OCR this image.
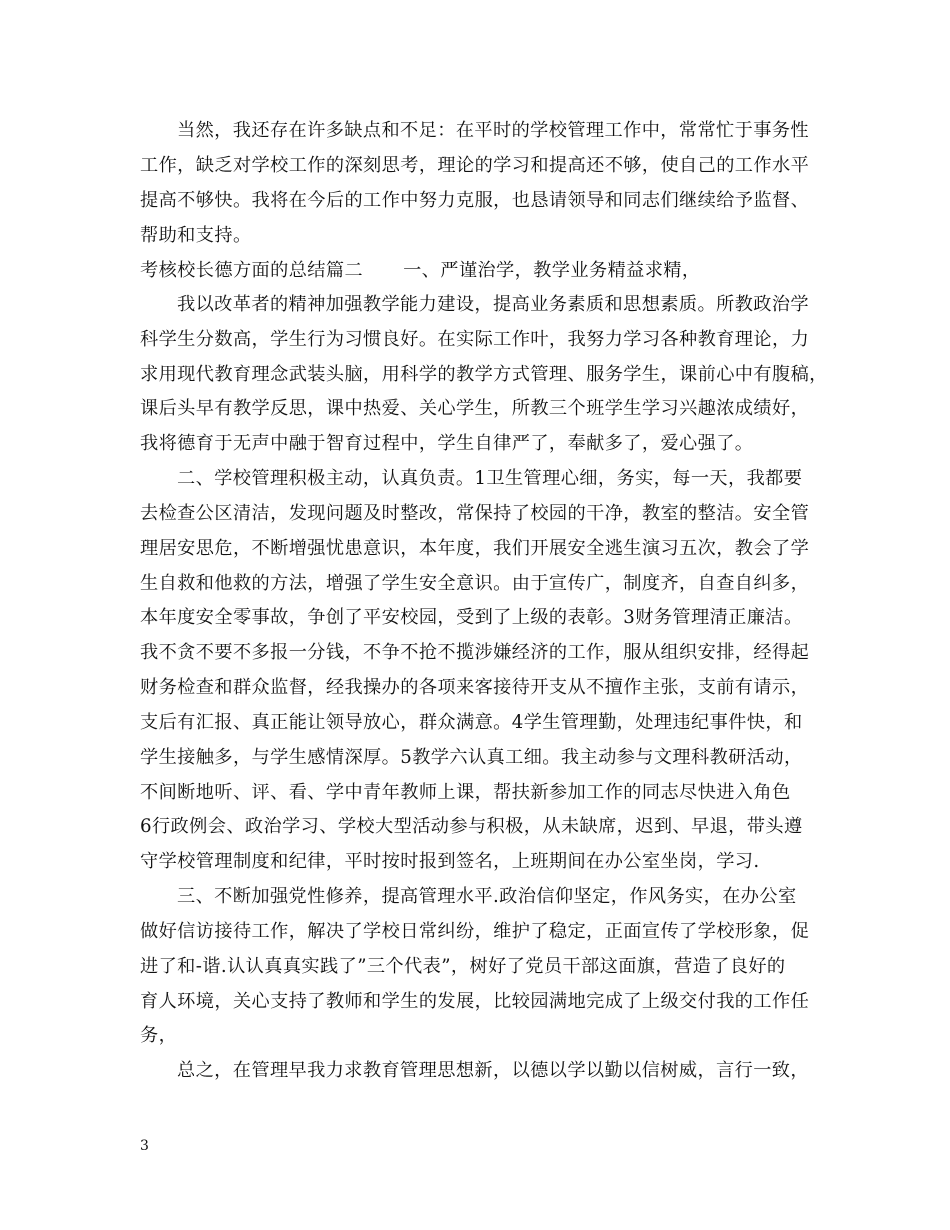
当然，我还存在许多缺点和不足：在平时的学校管理工作中，常常忙于事务性
工作，缺乏对学校工作的深刻思考，理论的学习和提高还不够，使自己的工作水平
提高不够快。我将在今后的工作中努力克服，也恳请领导和同志们继续给予监督、
帮助和支持。
考核校长德方面的总结篇二 一、严谨治学，教学业务精益求精，
我以改革者的精神加强教学能力建设，提高业务素质和思想素质。所教政治学
科学生分数高，学生行为习惯良好。在实际工作叶，我努力学习各种教育理论，力
求用现代教育理念武装头脑，用科学的教学方式管理、服务学生，课前心中有腹稿，
课后头早有教学反思，课中热爱、关心学生，所教三个班学生学习兴趣浓成绩好，
我将德育于无声中融于智育过程中，学生自律严了，奉献多了，爱心强了。
二、学校管理积极主动，认真负责。1卫生管理心细，务实，每一天，我都要
去检查公区清洁，发现问题及时整改，常保持了校园的干净，教室的整洁。安全管
理居安思危，不断增强忧患意识，本年度，我们开展安全逃生演习五次，教会了学
生自救和他救的方法，增强了学生安全意识。由于宣传广，制度齐，自查自纠多，
本年度安全零事故，争创了平安校园，受到了上级的表彰。3财务管理清正廉洁。
我不贪不要不多报一分钱，不争不抢不揽涉嫌经济的工作，服从组织安排，经得起
财务检查和群众监督，经我操办的各项来客接待开支从不擅作主张，支前有请示，
支后有汇报、真正能让领导放心，群众满意。4学生管理勤，处理违纪事件快，和
学生接触多，与学生感情深厚。5教学六认真工细。我主动参与文理科教研活动，
不间断地听、评、看、学中青年教师上课，帮扶新参加工作的同志尽快进入角色
6行政例会、政治学习、学校大型活动参与积极，从未缺席，迟到、早退，带头遵
守学校管理制度和纪律，平时按时报到签名，上班期间在办公室坐岗，学习.
三、不断加强党性修养，提高管理水平.政治信仰坚定，作风务实，在办公室
做好信访接待工作，解决了学校日常纠纷，维护了稳定，正面宣传了学校形象，促
进了和-谐.认认真真实践了”三个代表”，树好了党员干部这面旗，营造了良好的
育人环境，关心支持了教师和学生的发展，比较园满地完成了上级交付我的工作任
务，
总之，在管理早我力求教育管理思想新，以德以学以勤以信树威，言行一致，
3
